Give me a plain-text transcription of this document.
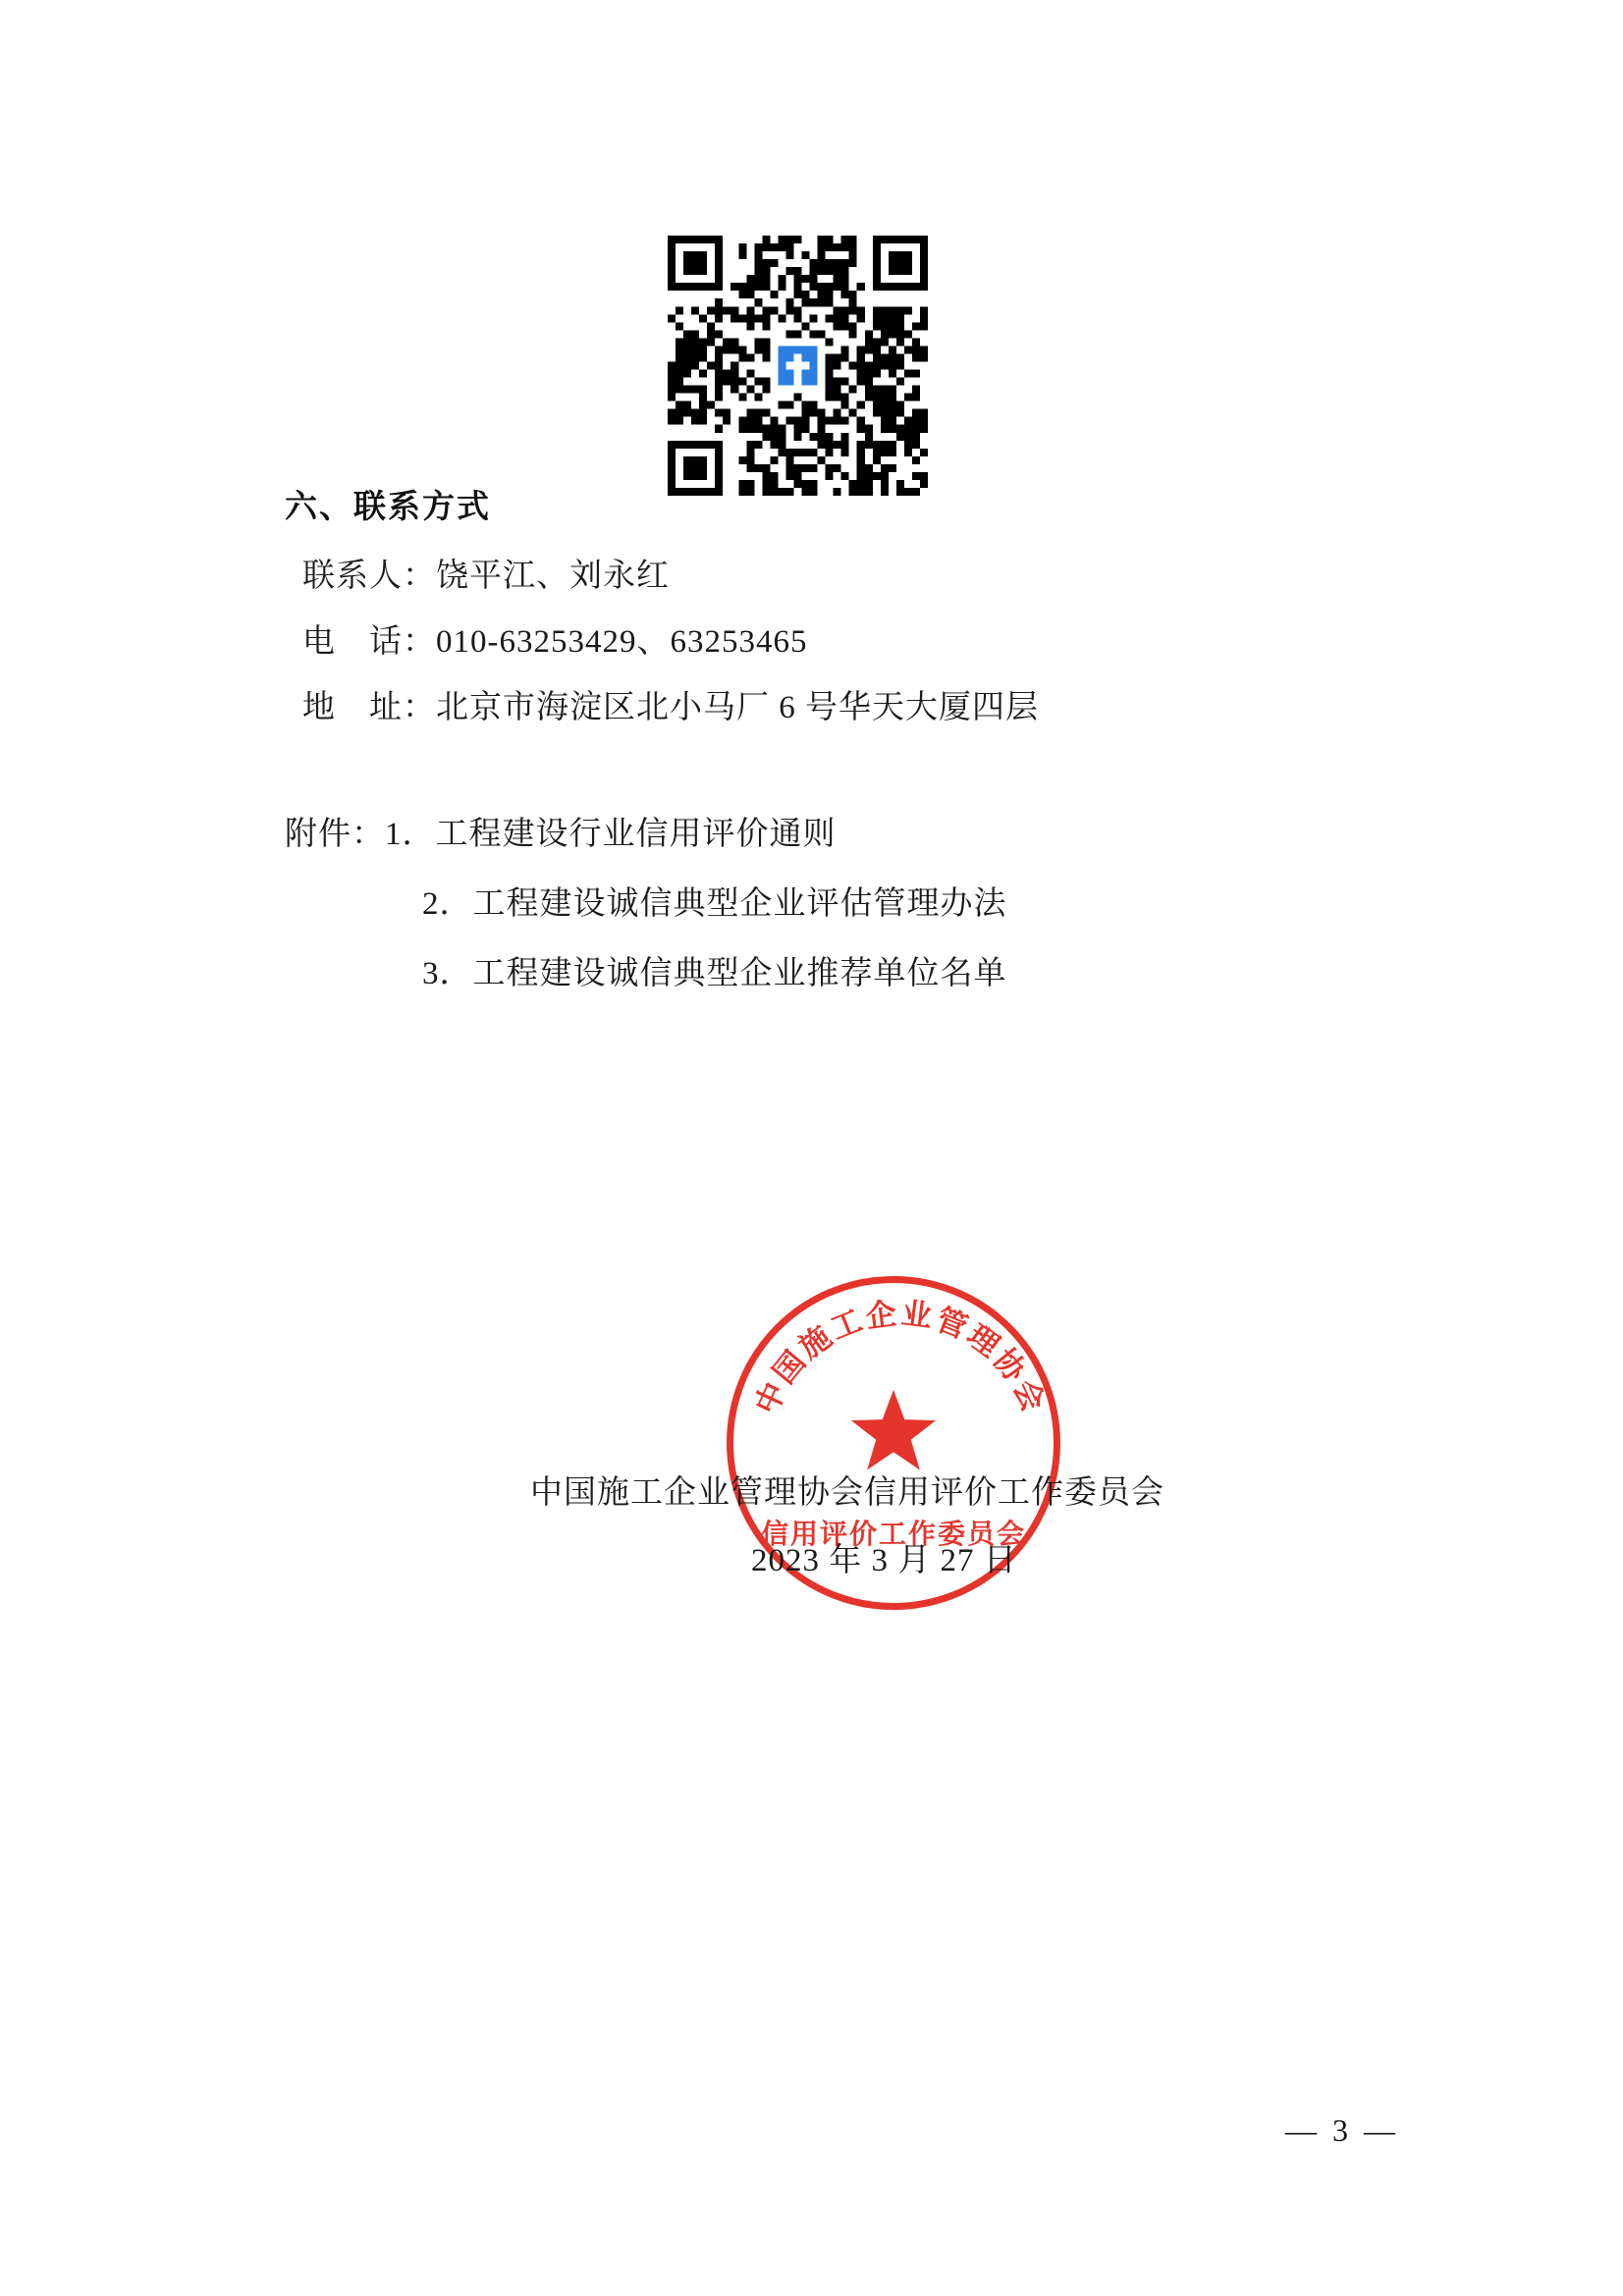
六、联系方式

联系人：饶平江、刘永红

电　话：010-63253429、63253465

地　址：北京市海淀区北小马厂 6 号华天大厦四层

附件：1．工程建设行业信用评价通则

2．工程建设诚信典型企业评估管理办法

3．工程建设诚信典型企业推荐单位名单

中国施工企业管理协会
信用评价工作委员会

中国施工企业管理协会信用评价工作委员会

2023 年 3 月 27 日

— 3 —
